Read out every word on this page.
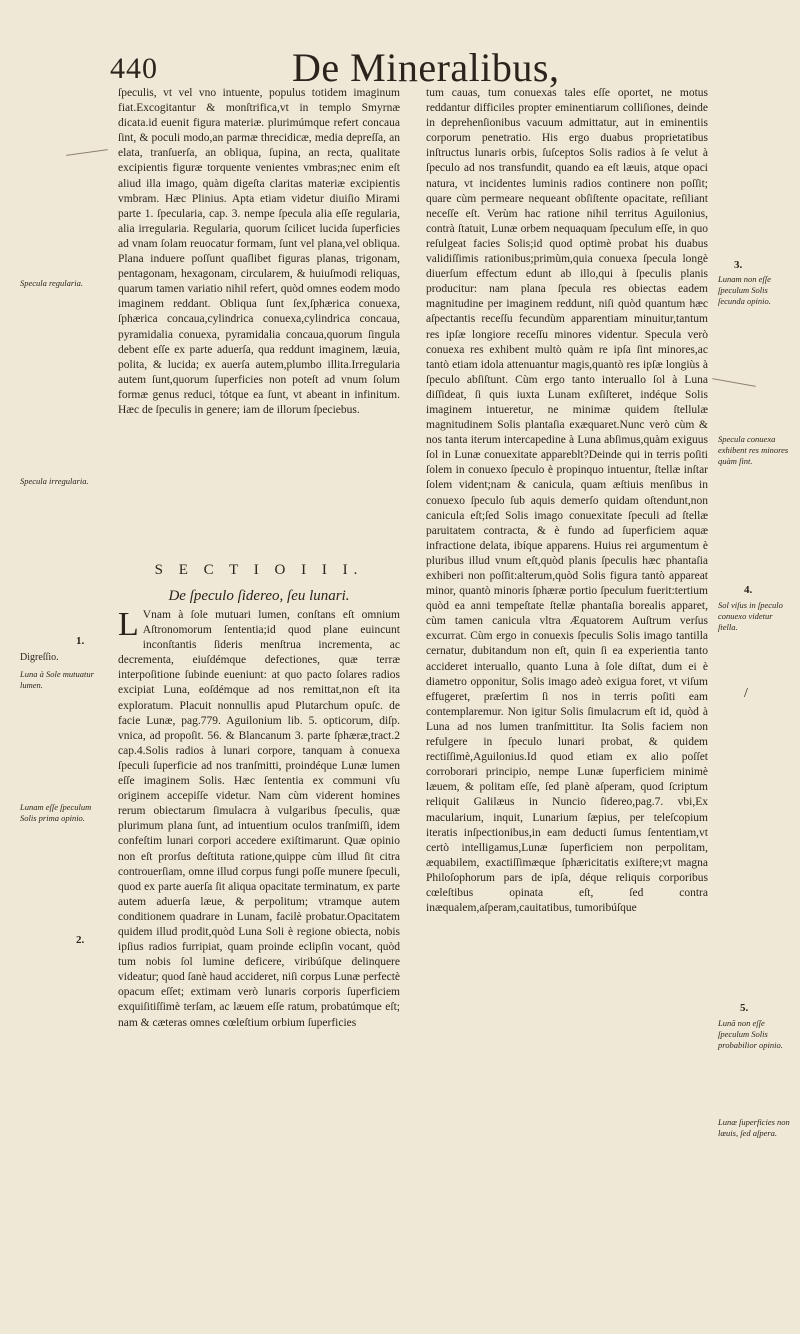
440	De Mineralibus,

ſpeculis, vt vel vno intuente, populus totidem imaginum fiat.Excogitantur & monſtrifica,vt in templo Smyrnæ dicata.id euenit figura materiæ. plurimúmque refert concaua ſint, & poculi modo,an parmæ threcidicæ, media depreſſa, an elata, tranſuerſa, an obliqua, ſupina, an recta, qualitate excipientis figuræ torquente venientes vmbras;nec enim eſt aliud illa imago, quàm digeſta claritas materiæ excipientis vmbram. Hæc Plinius. Apta etiam videtur diuiſio Mirami parte 1. ſpecularia, cap. 3. nempe ſpecula alia eſſe regularia, alia irregularia. Regularia, quorum ſcilicet lucida ſuperficies ad vnam ſolam reuocatur formam, ſunt vel plana,vel obliqua. Plana induere poſſunt quaſlibet figuras planas, trigonam, pentagonam, hexagonam, circularem, & huiuſmodi reliquas, quarum tamen variatio nihil refert, quòd omnes eodem modo imaginem reddant. Obliqua ſunt ſex,ſphærica conuexa, ſphærica concaua,cylindrica conuexa,cylindrica concaua, pyramidalia conuexa, pyramidalia concaua,quorum ſingula debent eſſe ex parte aduerſa, qua reddunt imaginem, læuia, polita, & lucida; ex auerſa autem,plumbo illita.Irregularia autem ſunt,quorum ſuperficies non poteſt ad vnum ſolum formæ genus reduci, tótque ea ſunt, vt abeant in infinitum. Hæc de ſpeculis in genere; iam de illorum ſpeciebus.

S E C T I O I I I.
De ſpeculo ſidereo, ſeu lunari.

L Vnam à ſole mutuari lumen, conſtans eſt omnium Aſtronomorum ſententia;id quod plane euincunt inconſtantis ſideris menſtrua incrementa, ac decrementa, eiuſdémque defectiones, quæ terræ interpoſitione ſubinde eueniunt: at quo pacto ſolares radios excipiat Luna, eoſdémque ad nos remittat,non eſt ita exploratum. Placuit nonnullis apud Plutarchum opuſc. de facie Lunæ, pag.779. Aguilonium lib. 5. opticorum, diſp. vnica, ad propoſit. 56. & Blancanum 3. parte ſphæræ,tract.2 cap.4.Solis radios à lunari corpore, tanquam à conuexa ſpeculi ſuperficie ad nos tranſmitti, proindéque Lunæ lumen eſſe imaginem Solis. Hæc ſententia ex communi vſu originem accepiſſe videtur. Nam cùm viderent homines rerum obiectarum ſimulacra à vulgaribus ſpeculis, quæ plurimum plana ſunt, ad intuentium oculos tranſmiſſi, idem confeſtim lunari corpori accedere exiſtimarunt. Quæ opinio non eſt prorſus deſtituta ratione,quippe cùm illud ſit citra controuerſiam, omne illud corpus fungi poſſe munere ſpeculi, quod ex parte auerſa ſit aliqua opacitate terminatum, ex parte autem aduerſa læue, & perpolitum; vtramque autem conditionem quadrare in Lunam, facilè probatur.Opacitatem quidem illud prodit,quòd Luna Soli è regione obiecta, nobis ipſius radios furripiat, quam proinde eclipſin vocant, quòd tum nobis ſol lumine deficere, viribúſque delinquere videatur; quod ſanè haud accideret, niſi corpus Lunæ perfectè opacum eſſet; extimam verò lunaris corporis ſuperficiem exquiſitiſſimè terſam, ac læuem eſſe ratum, probatúmque eſt; nam & cæteras omnes cœleſtium orbium ſuperficies

tum cauas, tum conuexas tales eſſe oportet, ne motus reddantur difficiles propter eminentiarum colliſiones, deinde in deprehenſionibus vacuum admittatur, aut in eminentiis corporum penetratio. His ergo duabus proprietatibus inſtructus lunaris orbis, ſuſceptos Solis radios à ſe velut à ſpeculo ad nos transfundit, quando ea eſt læuis, atque opaci natura, vt incidentes luminis radios continere non poſſit; quare cùm permeare nequeant obſiſtente opacitate, reſiliant neceſſe eſt. Verùm hac ratione nihil territus Aguilonius, contrà ſtatuit, Lunæ orbem nequaquam ſpeculum eſſe, in quo reſulgeat facies Solis;id quod optimè probat his duabus validiſſimis rationibus;primùm,quia conuexa ſpecula longè diuerſum effectum edunt ab illo,qui à ſpeculis planis producitur: nam plana ſpecula res obiectas eadem magnitudine per imaginem reddunt, niſi quòd quantum hæc aſpectantis receſſu fecundùm apparentiam minuitur,tantum res ipſæ longiore receſſu minores videntur. Specula verò conuexa res exhibent multò quàm re ipſa ſint minores,ac tantò etiam idola attenuantur magis,quantò res ipſæ longiùs à ſpeculo abſiſtunt. Cùm ergo tanto interuallo ſol à Luna diſſideat, ſi quis iuxta Lunam exſiſteret, indéque Solis imaginem intueretur, ne minimæ quidem ſtellulæ magnitudinem Solis plantaſia exæquaret.Nunc verò cùm & nos tanta iterum intercapedine à Luna abſimus,quàm exiguus ſol in Lunæ conuexitate appareblt?Deinde qui in terris poſiti ſolem in conuexo ſpeculo è propinquo intuentur, ſtellæ inſtar ſolem vident;nam & canicula, quam æſtiuis menſibus in conuexo ſpeculo ſub aquis demerſo quidam oſtendunt,non canicula eſt;ſed Solis imago conuexitate ſpeculi ad ſtellæ paruitatem contracta, & è fundo ad ſuperficiem aquæ infractione delata, ibíque apparens. Huius rei argumentum è pluribus illud vnum eſt,quòd planis ſpeculis hæc phantaſia exhiberi non poſſit:alterum,quòd Solis figura tantò appareat minor, quantò minoris ſphæræ portio ſpeculum fuerit:tertium quòd ea anni tempeſtate ſtellæ phantaſia borealis apparet, cùm tamen canicula vltra Æquatorem Auſtrum verſus excurrat. Cùm ergo in conuexis ſpeculis Solis imago tantilla cernatur, dubitandum non eſt, quin ſi ea experientia tanto accideret interuallo, quanto Luna à ſole diſtat, dum ei è diametro opponitur, Solis imago adeò exigua foret, vt viſum effugeret, præſertim ſi nos in terris poſiti eam contemplaremur. Non igitur Solis ſimulacrum eſt id, quòd à Luna ad nos lumen tranſmittitur. Ita Solis faciem non refulgere in ſpeculo lunari probat, & quidem rectiſſimè,Aguilonius.Id quod etiam ex alio poſſet corroborari principio, nempe Lunæ ſuperficiem minimè læuem, & politam eſſe, ſed planè aſperam, quod ſcriptum reliquit Galilæus in Nuncio ſidereo,pag.7. vbi,Ex macularium, inquit, Lunarium ſæpius, per teleſcopium iteratis inſpectionibus,in eam deducti ſumus ſententiam,vt certò intelligamus,Lunæ ſuperficiem non perpolitam, æquabilem, exactiſſimæque ſphæricitatis exiſtere;vt magna Philoſophorum pars de ipſa, déque reliquis corporibus cœleſtibus opinata eſt, ſed contra inæqualem,aſperam,cauitatibus, tumoribúſque

Specula regularia.
Specula irregularia.
1.
Digreſſio.
Luna à Sole mutuatur lumen.
Lunam eſſe ſpeculum Solis prima opinio.
2.
3.
Lunam non eſſe ſpeculum Solis ſecunda opinio.
Specula conuexa exhibent res minores quàm ſint.
4.
Sol viſus in ſpeculo conuexo videtur ſtella.
/
5.
Lunā non eſſe ſpeculum Solis probabilior opinio.
Lunæ ſuperficies non læuis, ſed aſpera.
